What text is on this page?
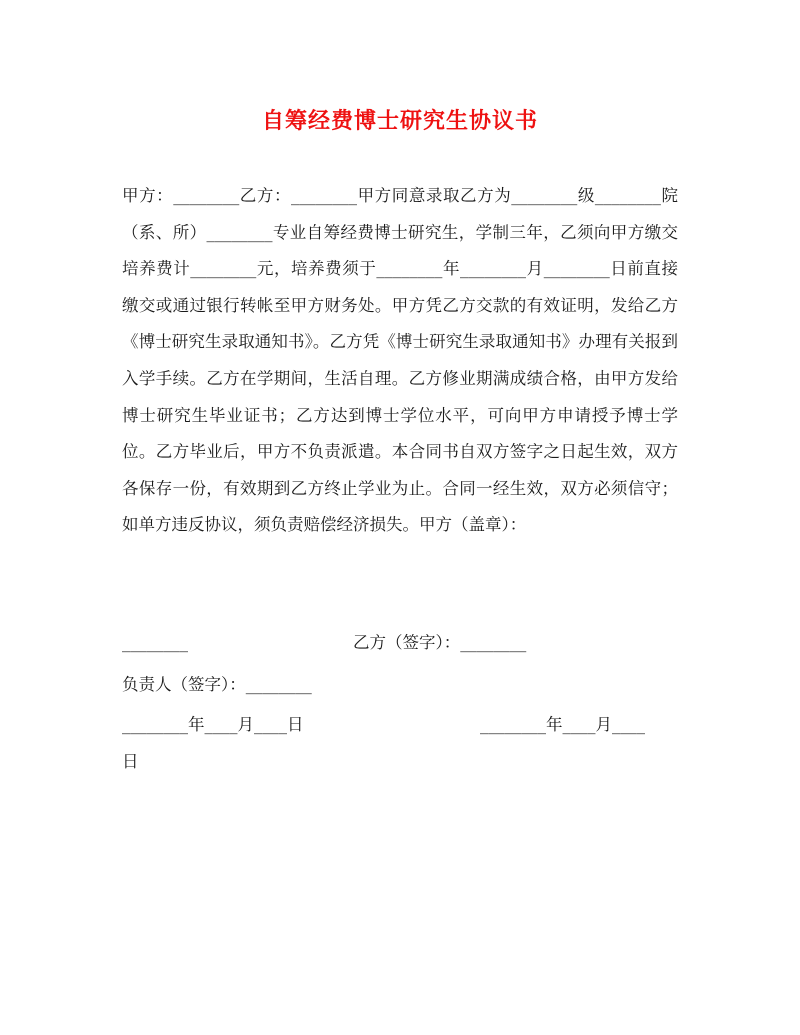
自筹经费博士研究生协议书

甲方：________乙方：________甲方同意录取乙方为________级________院（系、所）________专业自筹经费博士研究生，学制三年，乙须向甲方缴交培养费计________元，培养费须于________年________月________日前直接缴交或通过银行转帐至甲方财务处。甲方凭乙方交款的有效证明，发给乙方《博士研究生录取通知书》。乙方凭《博士研究生录取通知书》办理有关报到入学手续。乙方在学期间，生活自理。乙方修业期满成绩合格，由甲方发给博士研究生毕业证书；乙方达到博士学位水平，可向甲方申请授予博士学位。乙方毕业后，甲方不负责派遣。本合同书自双方签字之日起生效，双方各保存一份，有效期到乙方终止学业为止。合同一经生效，双方必须信守；如单方违反协议，须负责赔偿经济损失。甲方（盖章）：

________	乙方（签字）：________
负责人（签字）：________
________年____月____日	________年____月____
日
